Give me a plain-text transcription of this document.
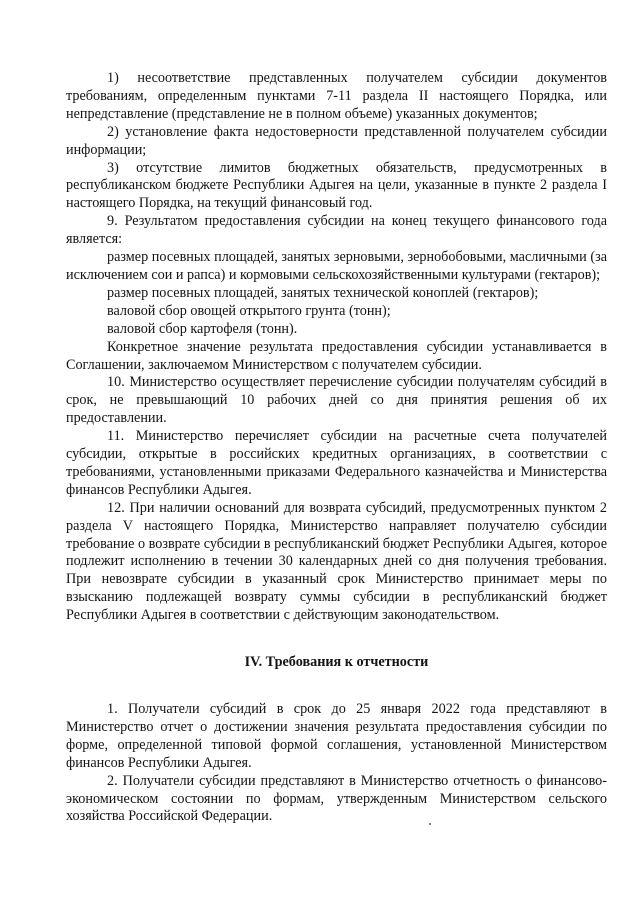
1) несоответствие представленных получателем субсидии документов требованиям, определенным пунктами 7-11 раздела II настоящего Порядка, или непредставление (представление не в полном объеме) указанных документов;

2) установление факта недостоверности представленной получателем субсидии информации;

3) отсутствие лимитов бюджетных обязательств, предусмотренных в республиканском бюджете Республики Адыгея на цели, указанные в пункте 2 раздела I настоящего Порядка, на текущий финансовый год.

9. Результатом предоставления субсидии на конец текущего финансового года является:

размер посевных площадей, занятых зерновыми, зернобобовыми, масличными (за исключением сои и рапса) и кормовыми сельскохозяйственными культурами (гектаров);

размер посевных площадей, занятых технической коноплей (гектаров);

валовой сбор овощей открытого грунта (тонн);

валовой сбор картофеля (тонн).

Конкретное значение результата предоставления субсидии устанавливается в Соглашении, заключаемом Министерством с получателем субсидии.

10. Министерство осуществляет перечисление субсидии получателям субсидий в срок, не превышающий 10 рабочих дней со дня принятия решения об их предоставлении.

11. Министерство перечисляет субсидии на расчетные счета получателей субсидии, открытые в российских кредитных организациях, в соответствии с требованиями, установленными приказами Федерального казначейства и Министерства финансов Республики Адыгея.

12. При наличии оснований для возврата субсидий, предусмотренных пунктом 2 раздела V настоящего Порядка, Министерство направляет получателю субсидии требование о возврате субсидии в республиканский бюджет Республики Адыгея, которое подлежит исполнению в течении 30 календарных дней со дня получения требования. При невозврате субсидии в указанный срок Министерство принимает меры по взысканию подлежащей возврату суммы субсидии в республиканский бюджет Республики Адыгея в соответствии с действующим законодательством.

IV. Требования к отчетности

1. Получатели субсидий в срок до 25 января 2022 года представляют в Министерство отчет о достижении значения результата предоставления субсидии по форме, определенной типовой формой соглашения, установленной Министерством финансов Республики Адыгея.

2. Получатели субсидии представляют в Министерство отчетность о финансово-экономическом состоянии по формам, утвержденным Министерством сельского хозяйства Российской Федерации.
